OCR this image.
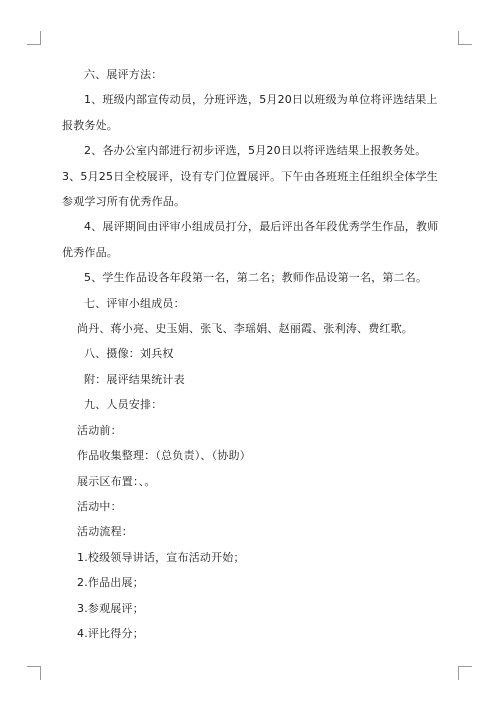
六、展评方法：

1、班级内部宣传动员，分班评选，5月20日以班级为单位将评选结果上报教务处。

2、各办公室内部进行初步评选，5月20日以将评选结果上报教务处。 3、5月25日全校展评，设有专门位置展评。下午由各班班主任组织全体学生参观学习所有优秀作品。

4、展评期间由评审小组成员打分，最后评出各年段优秀学生作品，教师优秀作品。

5、学生作品设各年段第一名，第二名；教师作品设第一名，第二名。

七、评审小组成员：

尚丹、蒋小亮、史玉娟、张飞、李瑶娟、赵丽霞、张利涛、费红歌。

八、摄像：刘兵权

附：展评结果统计表

九、人员安排：

活动前：

作品收集整理：（总负责）、（协助）

展示区布置：、。

活动中：

活动流程：

1.校级领导讲话，宣布活动开始；

2.作品出展；

3.参观展评；

4.评比得分；
